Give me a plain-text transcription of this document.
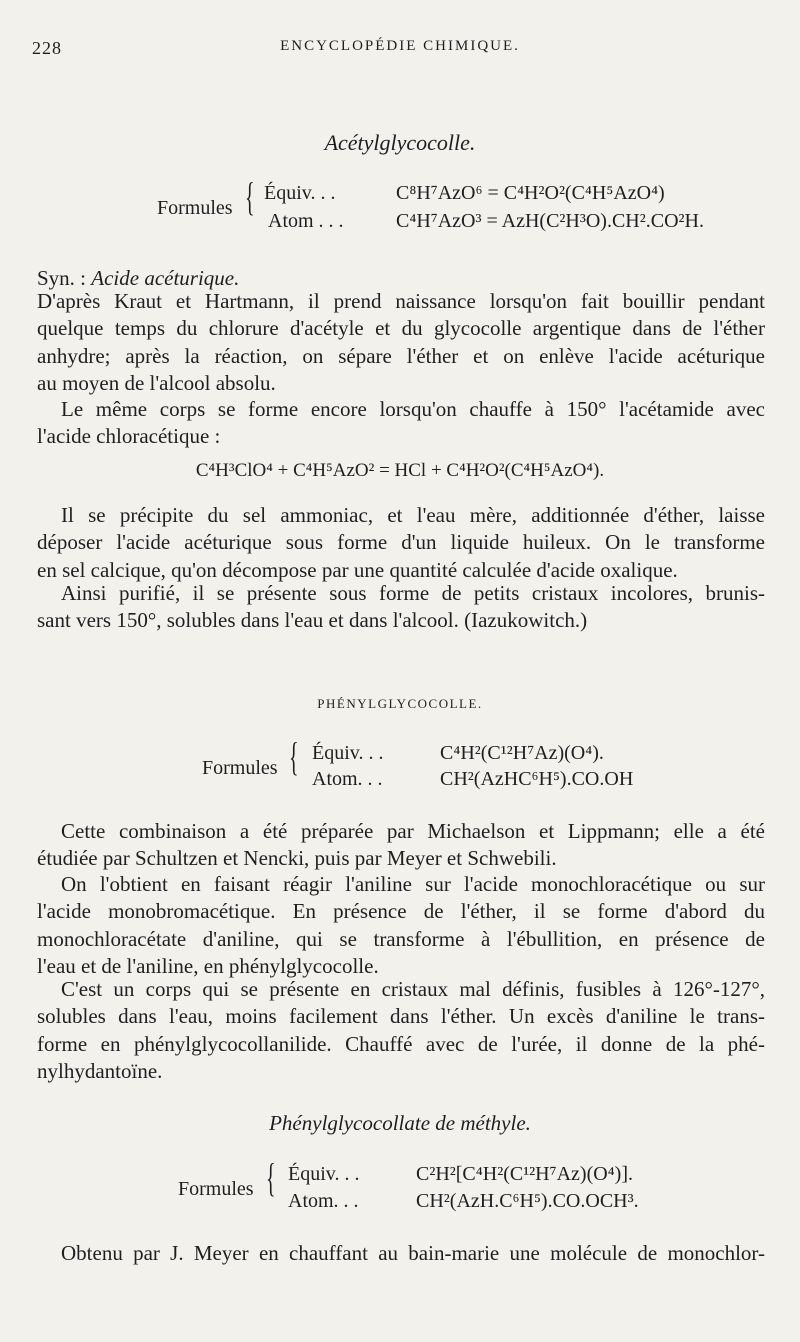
228	ENCYCLOPÉDIE CHIMIQUE.
Acétylglycocolle.
Formules { Équiv. . .	C⁸H⁷AzO⁶ = C⁴H²O²(C⁴H⁵AzO⁴)
Atom . . .	C⁴H⁷AzO³ = AzH(C²H³O).CH².CO²H.
Syn. : Acide acéturique.
D'après Kraut et Hartmann, il prend naissance lorsqu'on fait bouillir pendant
quelque temps du chlorure d'acétyle et du glycocolle argentique dans de l'éther
anhydre; après la réaction, on sépare l'éther et on enlève l'acide acéturique
au moyen de l'alcool absolu.
Le même corps se forme encore lorsqu'on chauffe à 150° l'acétamide avec
l'acide chloracétique :
C⁴H³ClO⁴ + C⁴H⁵AzO² = HCl + C⁴H²O²(C⁴H⁵AzO⁴).
Il se précipite du sel ammoniac, et l'eau mère, additionnée d'éther, laisse
déposer l'acide acéturique sous forme d'un liquide huileux. On le transforme
en sel calcique, qu'on décompose par une quantité calculée d'acide oxalique.
Ainsi purifié, il se présente sous forme de petits cristaux incolores, brunis-
sant vers 150°, solubles dans l'eau et dans l'alcool. (Iazukowitch.)
PHÉNYLGLYCOCOLLE.
Formules { Équiv. . .	C⁴H²(C¹²H⁷Az)(O⁴).
Atom. . .	CH²(AzHC⁶H⁵).CO.OH
Cette combinaison a été préparée par Michaelson et Lippmann; elle a été
étudiée par Schultzen et Nencki, puis par Meyer et Schwebili.
On l'obtient en faisant réagir l'aniline sur l'acide monochloracétique ou sur
l'acide monobromacétique. En présence de l'éther, il se forme d'abord du
monochloracétate d'aniline, qui se transforme à l'ébullition, en présence de
l'eau et de l'aniline, en phénylglycocolle.
C'est un corps qui se présente en cristaux mal définis, fusibles à 126°-127°,
solubles dans l'eau, moins facilement dans l'éther. Un excès d'aniline le trans-
forme en phénylglycocollanilide. Chauffé avec de l'urée, il donne de la phé-
nylhydantoïne.
Phénylglycocollate de méthyle.
Formules { Équiv. . .	C²H²[C⁴H²(C¹²H⁷Az)(O⁴)].
Atom. . .	CH²(AzH.C⁶H⁵).CO.OCH³.
Obtenu par J. Meyer en chauffant au bain-marie une molécule de monochlor-
